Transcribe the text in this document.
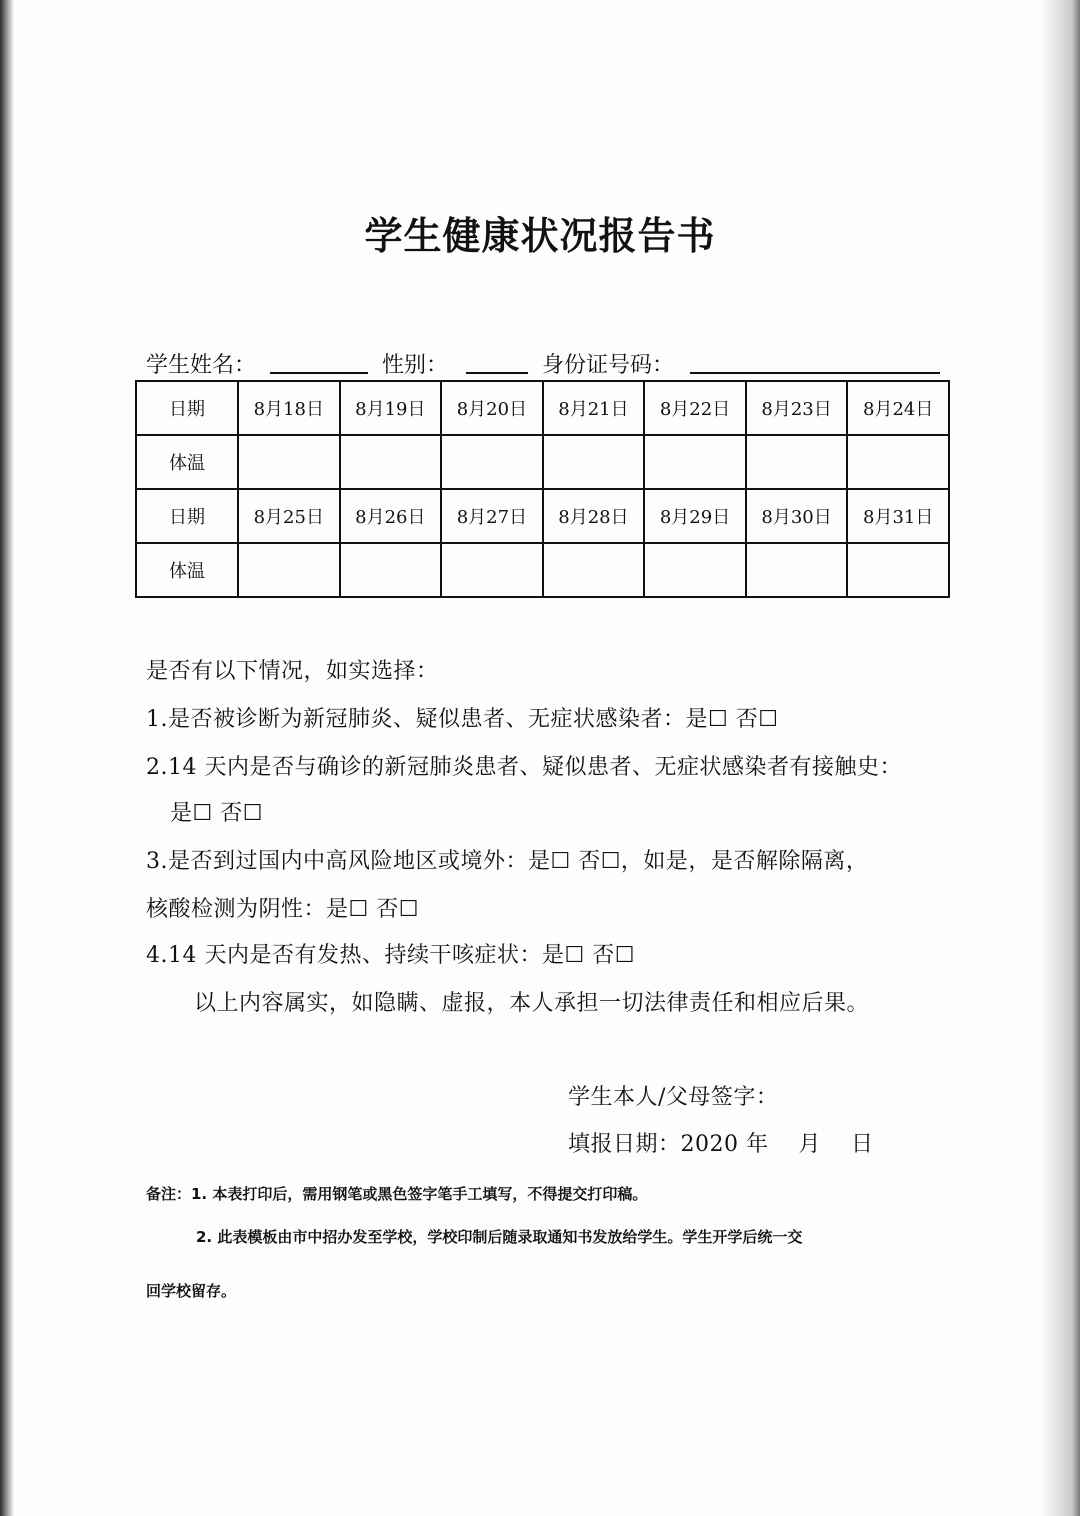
学生健康状况报告书
学生姓名：	性别：	身份证号码：
日期	8月18日	8月19日	8月20日	8月21日	8月22日	8月23日	8月24日
体温							
日期	8月25日	8月26日	8月27日	8月28日	8月29日	8月30日	8月31日
体温							
是否有以下情况，如实选择：
1.是否被诊断为新冠肺炎、疑似患者、无症状感染者：是☐ 否☐
2.14 天内是否与确诊的新冠肺炎患者、疑似患者、无症状感染者有接触史：
是☐ 否☐
3.是否到过国内中高风险地区或境外：是☐ 否☐，如是，是否解除隔离，
核酸检测为阴性：是☐ 否☐
4.14 天内是否有发热、持续干咳症状：是☐ 否☐
以上内容属实，如隐瞒、虚报，本人承担一切法律责任和相应后果。
学生本人/父母签字：
填报日期：2020 年　 月　 日
备注：1. 本表打印后，需用钢笔或黑色签字笔手工填写，不得提交打印稿。
2. 此表模板由市中招办发至学校，学校印制后随录取通知书发放给学生。学生开学后统一交
回学校留存。
